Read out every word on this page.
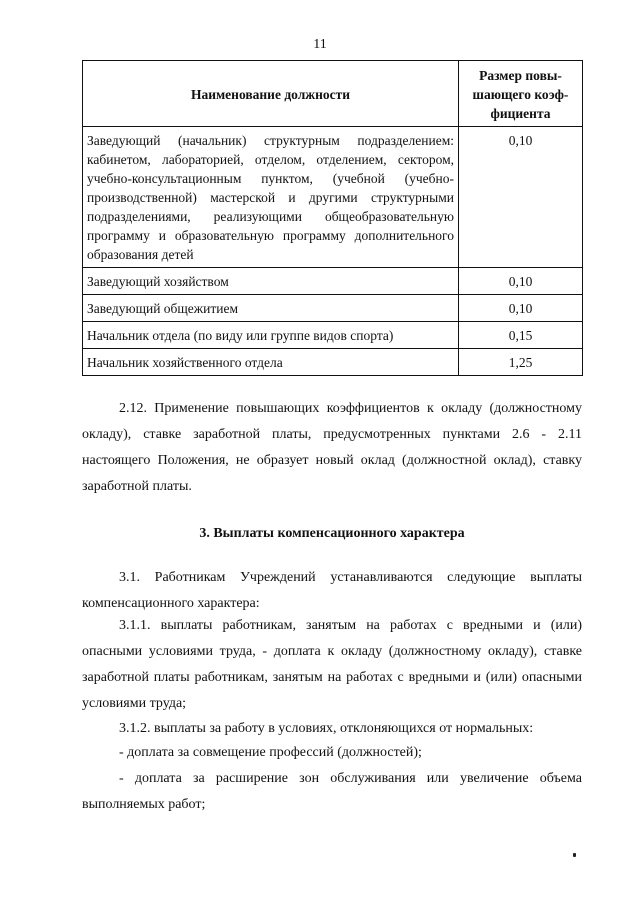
11
Наименование должности	Размер повы-шающего коэф-фициента
Заведующий (начальник) структурным подразделением: кабинетом, лабораторией, отделом, отделением, сектором, учебно-консультационным пунктом, (учебной (учебно-производственной) мастерской и другими структурными подразделениями, реализующими общеобразовательную программу и образовательную программу дополнительного образования детей	0,10
Заведующий хозяйством	0,10
Заведующий общежитием	0,10
Начальник отдела (по виду или группе видов спорта)	0,15
Начальник хозяйственного отдела	1,25

2.12. Применение повышающих коэффициентов к окладу (должностному окладу), ставке заработной платы, предусмотренных пунктами 2.6 - 2.11 настоящего Положения, не образует новый оклад (должностной оклад), ставку заработной платы.

3. Выплаты компенсационного характера

3.1. Работникам Учреждений устанавливаются следующие выплаты компенсационного характера:

3.1.1. выплаты работникам, занятым на работах с вредными и (или) опасными условиями труда, - доплата к окладу (должностному окладу), ставке заработной платы работникам, занятым на работах с вредными и (или) опасными условиями труда;

3.1.2. выплаты за работу в условиях, отклоняющихся от нормальных:

- доплата за совмещение профессий (должностей);

- доплата за расширение зон обслуживания или увеличение объема выполняемых работ;
